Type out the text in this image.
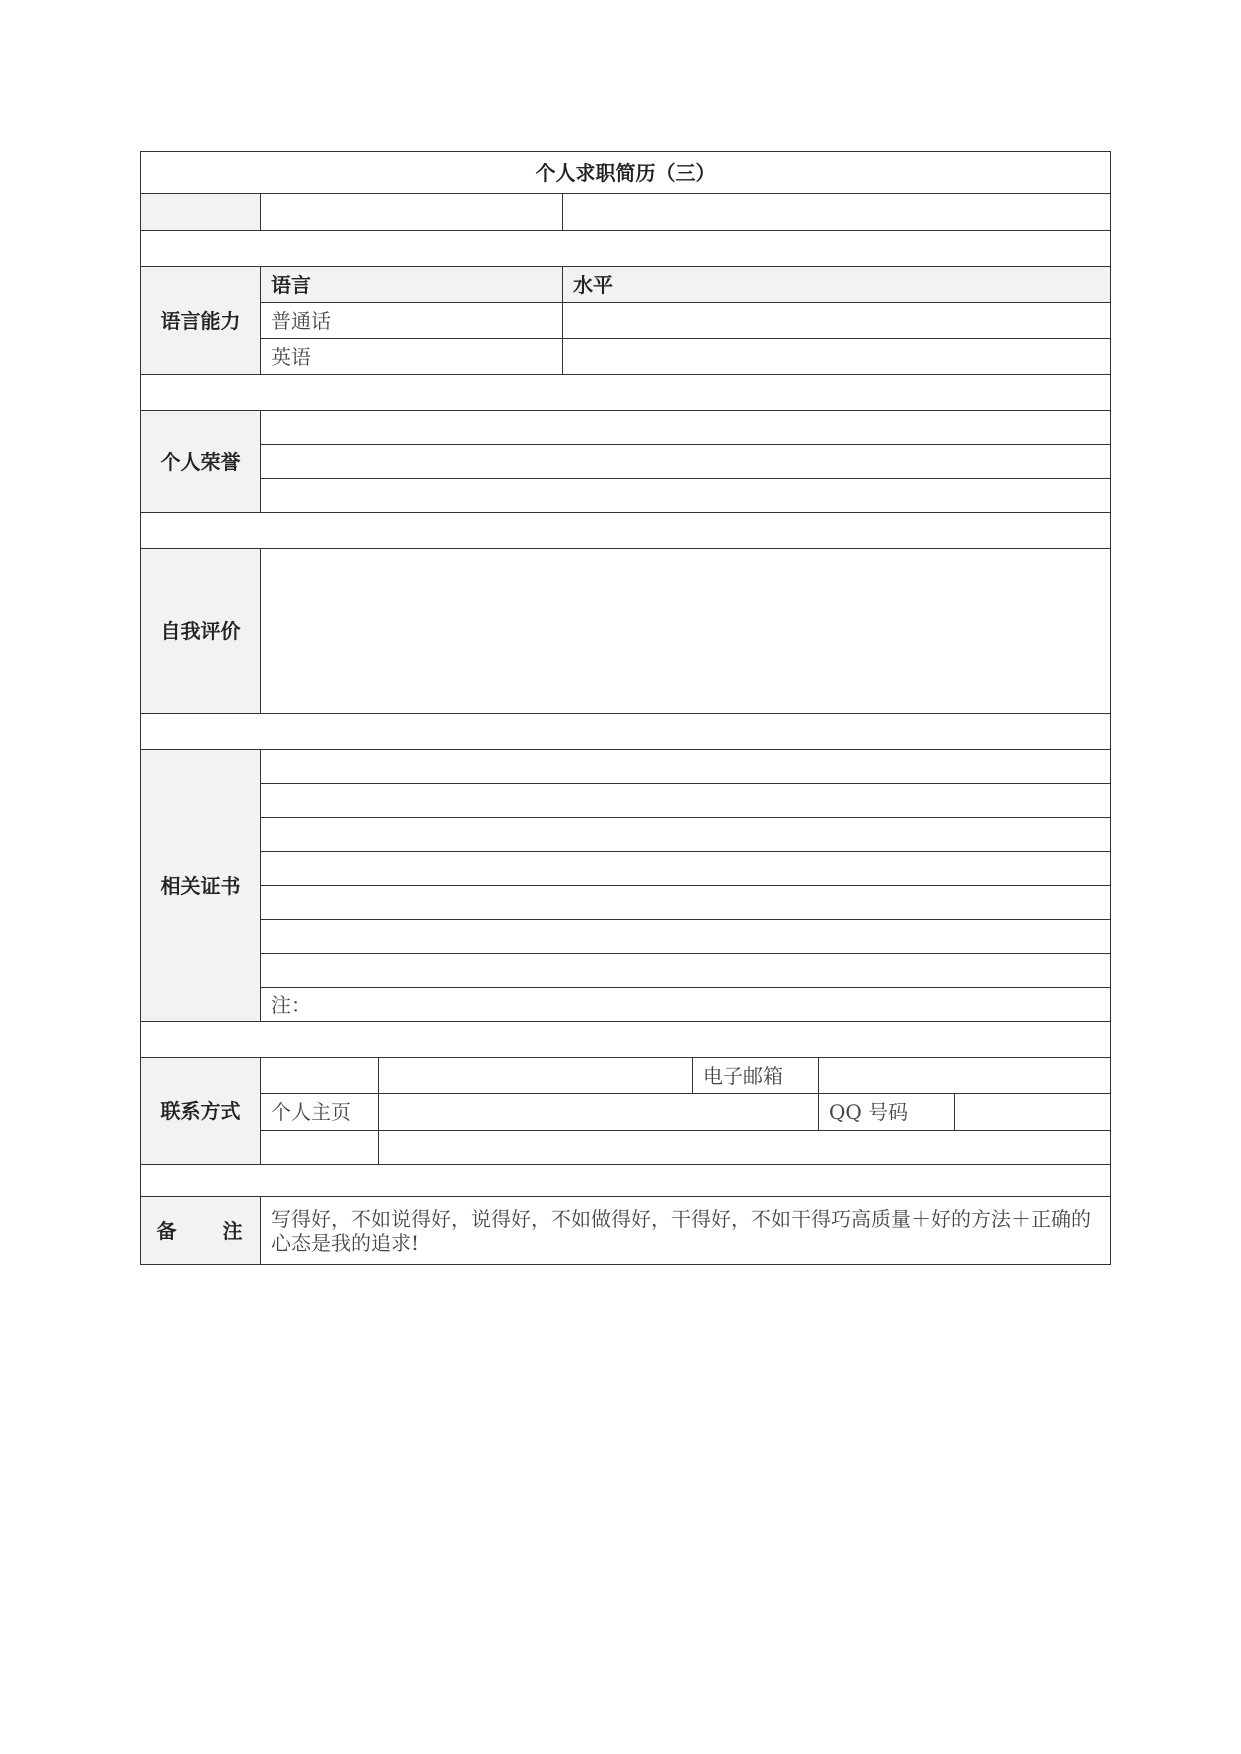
个人求职简历（三）					

语言能力	语言		水平		
	普通话				
	英语				

个人荣誉					

自我评价					

相关证书					

	注：				

联系方式				电子邮箱	
	个人主页				QQ 号码

备　　注	写得好，不如说得好，说得好，不如做得好，干得好，不如干得巧高质量＋好的方法＋正确的心态是我的追求!				
